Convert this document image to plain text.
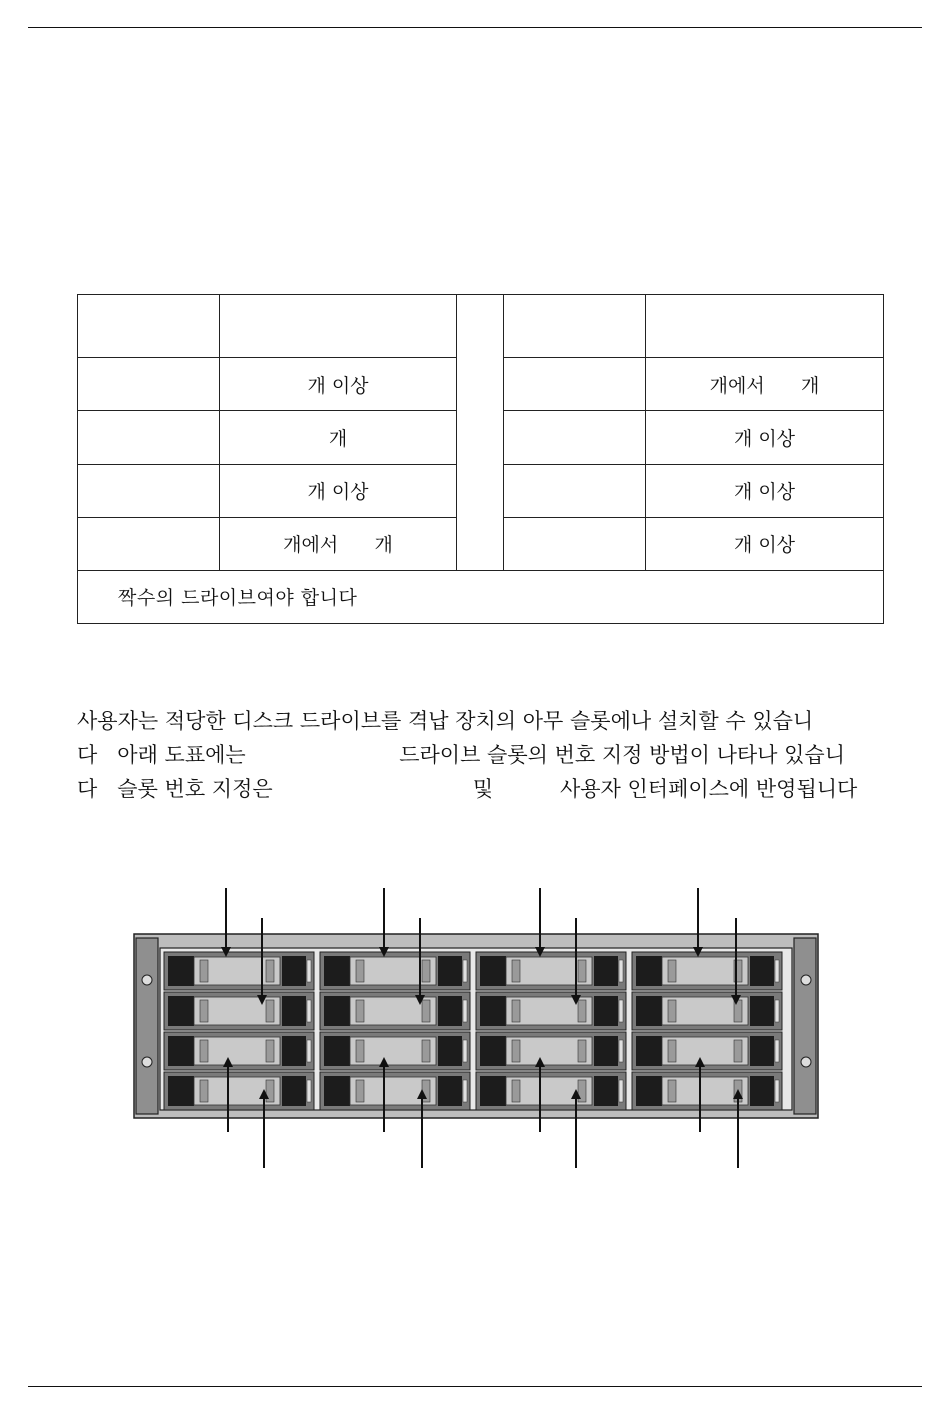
	개 이상			개에서      개
	개			개 이상
	개 이상			개 이상
	개에서      개			개 이상
짝수의 드라이브여야 합니다				
사용자는 적당한 디스크 드라이브를 격납 장치의 아무 슬롯에나 설치할 수 있습니
다   아래 도표에는                       드라이브 슬롯의 번호 지정 방법이 나타나 있습니
다   슬롯 번호 지정은                              및          사용자 인터페이스에 반영됩니다
